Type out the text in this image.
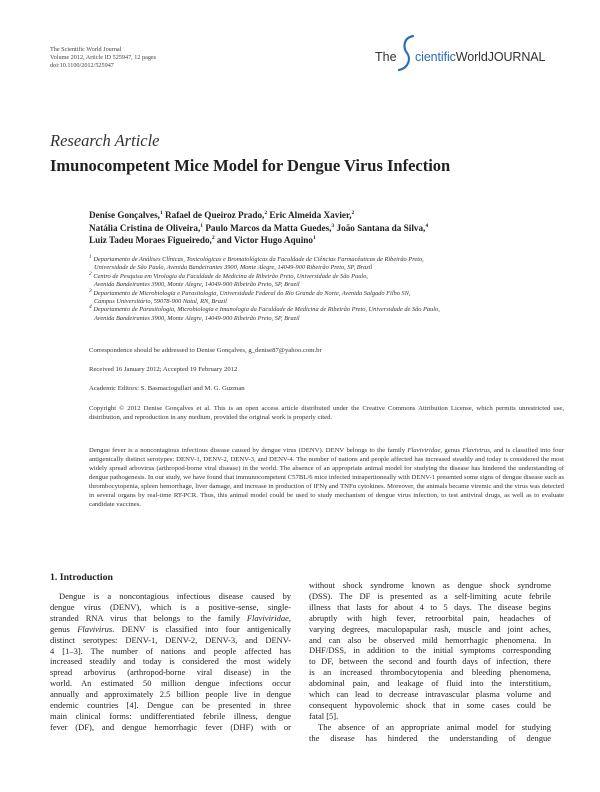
The Scientific World Journal
Volume 2012, Article ID 525947, 12 pages
doi:10.1100/2012/525947
The cientificWorldJOURNAL
Research Article
Imunocompetent Mice Model for Dengue Virus Infection
Denise Gonçalves,$^1$ Rafael de Queiroz Prado,$^2$ Eric Almeida Xavier,$^2$
Natália Cristina de Oliveira,$^1$ Paulo Marcos da Matta Guedes,$^3$ João Santana da Silva,$^4$
Luiz Tadeu Moraes Figueiredo,$^2$ and Victor Hugo Aquino$^1$
$^1$ Departamento de Análises Clínicas, Toxicológicas e Bromatológicas da Faculdade de Ciências Farmacêuticas de Ribeirão Preto,
Universidade de São Paulo, Avenida Bandeirantes 3900, Monte Alegre, 14049-900 Ribeirão Preto, SP, Brazil
$^2$ Centro de Pesquisa em Virologia da Faculdade de Medicina de Ribeirão Preto, Universidade de São Paulo,
Avenida Bandeirantes 3900, Monte Alegre, 14049-900 Ribeirão Preto, SP, Brazil
$^3$ Departamento de Microbiologia e Parasitologia, Universidade Federal do Rio Grande do Norte, Avenida Salgado Filho SN,
Campus Universitário, 59078-900 Natal, RN, Brazil
$^4$ Departamento de Parasitologia, Microbiologia e Imunologia da Faculdade de Medicina de Ribeirão Preto, Universidade de São Paulo,
Avenida Bandeirantes 3900, Monte Alegre, 14049-900 Ribeirão Preto, SP, Brazil
Correspondence should be addressed to Denise Gonçalves, g_denise87@yahoo.com.br
Received 16 January 2012; Accepted 19 February 2012
Academic Editors: S. Basmaciogullari and M. G. Guzman
Copyright © 2012 Denise Gonçalves et al. This is an open access article distributed under the Creative Commons Attribution License, which permits unrestricted use, distribution, and reproduction in any medium, provided the original work is properly cited.
Dengue fever is a noncontagious infectious disease caused by dengue virus (DENV). DENV belongs to the family Flaviviridae, genus Flavivirus, and is classified into four antigenically distinct serotypes: DENV-1, DENV-2, DENV-3, and DENV-4. The number of nations and people affected has increased steadily and today is considered the most widely spread arbovirus (arthropod-borne viral disease) in the world. The absence of an appropriate animal model for studying the disease has hindered the understanding of dengue pathogenesis. In our study, we have found that immunocompetent C57BL/6 mice infected intraperitoneally with DENV-1 presented some signs of dengue disease such as thrombocytopenia, spleen hemorrhage, liver damage, and increase in production of IFNγ and TNFα cytokines. Moreover, the animals became viremic and the virus was detected in several organs by real-time RT-PCR. Thus, this animal model could be used to study mechanism of dengue virus infection, to test antiviral drugs, as well as to evaluate candidate vaccines.
1. Introduction
Dengue is a noncontagious infectious disease caused by
dengue virus (DENV), which is a positive-sense, single-
stranded RNA virus that belongs to the family Flaviviridae,
genus Flavivirus. DENV is classified into four antigenically
distinct serotypes: DENV-1, DENV-2, DENV-3, and DENV-
4 [1–3]. The number of nations and people affected has
increased steadily and today is considered the most widely
spread arbovirus (arthropod-borne viral disease) in the
world. An estimated 50 million dengue infections occur
annually and approximately 2.5 billion people live in dengue
endemic countries [4]. Dengue can be presented in three
main clinical forms: undifferentiated febrile illness, dengue
fever (DF), and dengue hemorrhagic fever (DHF) with or
without shock syndrome known as dengue shock syndrome
(DSS). The DF is presented as a self-limiting acute febrile
illness that lasts for about 4 to 5 days. The disease begins
abruptly with high fever, retroorbital pain, headaches of
varying degrees, maculopapular rash, muscle and joint aches,
and can also be observed mild hemorrhagic phenomena. In
DHF/DSS, in addition to the initial symptoms corresponding
to DF, between the second and fourth days of infection, there
is an increased thrombocytopenia and bleeding phenomena,
abdominal pain, and leakage of fluid into the interstitium,
which can lead to decrease intravascular plasma volume and
consequent hypovolemic shock that in some cases could be
fatal [5].
The absence of an appropriate animal model for studying
the disease has hindered the understanding of dengue
